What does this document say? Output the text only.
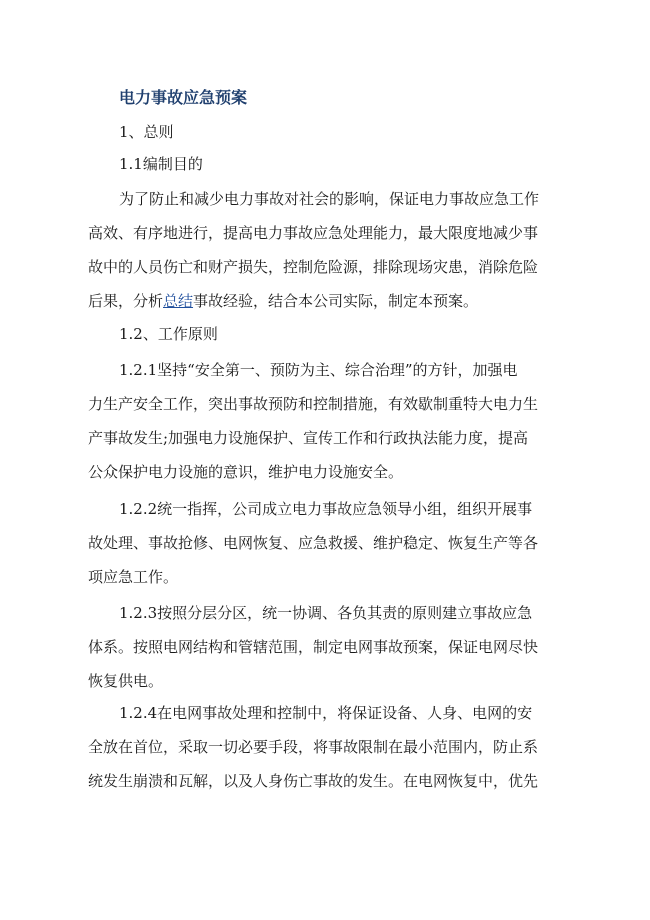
电力事故应急预案
1、总则
1.1编制目的
为了防止和减少电力事故对社会的影响，保证电力事故应急工作
高效、有序地进行，提高电力事故应急处理能力，最大限度地减少事
故中的人员伤亡和财产损失，控制危险源，排除现场灾患，消除危险
后果，分析总结事故经验，结合本公司实际，制定本预案。
1.2、工作原则
1.2.1坚持“安全第一、预防为主、综合治理”的方针，加强电
力生产安全工作，突出事故预防和控制措施，有效歇制重特大电力生
产事故发生;加强电力设施保护、宣传工作和行政执法能力度，提高
公众保护电力设施的意识，维护电力设施安全。
1.2.2统一指挥，公司成立电力事故应急领导小组，组织开展事
故处理、事故抢修、电网恢复、应急救援、维护稳定、恢复生产等各
项应急工作。
1.2.3按照分层分区，统一协调、各负其责的原则建立事故应急
体系。按照电网结构和管辖范围，制定电网事故预案，保证电网尽快
恢复供电。
1.2.4在电网事故处理和控制中，将保证设备、人身、电网的安
全放在首位，采取一切必要手段，将事故限制在最小范围内，防止系
统发生崩溃和瓦解，以及人身伤亡事故的发生。在电网恢复中，优先
